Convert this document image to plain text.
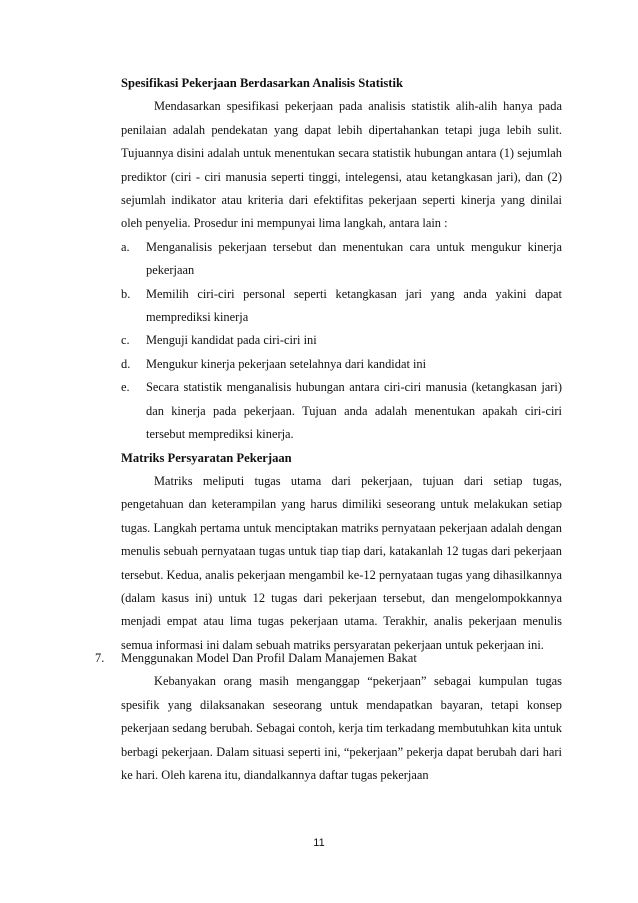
Spesifikasi Pekerjaan Berdasarkan Analisis Statistik

Mendasarkan spesifikasi pekerjaan pada analisis statistik alih-alih hanya pada penilaian adalah pendekatan yang dapat lebih dipertahankan tetapi juga lebih sulit. Tujuannya disini adalah untuk menentukan secara statistik hubungan antara (1) sejumlah prediktor (ciri - ciri manusia seperti tinggi, intelegensi, atau ketangkasan jari), dan (2) sejumlah indikator atau kriteria dari efektifitas pekerjaan seperti kinerja yang dinilai oleh penyelia. Prosedur ini mempunyai lima langkah, antara lain :

a. Menganalisis pekerjaan tersebut dan menentukan cara untuk mengukur kinerja pekerjaan
b. Memilih ciri-ciri personal seperti ketangkasan jari yang anda yakini dapat memprediksi kinerja
c. Menguji kandidat pada ciri-ciri ini
d. Mengukur kinerja pekerjaan setelahnya dari kandidat ini
e. Secara statistik menganalisis hubungan antara ciri-ciri manusia (ketangkasan jari) dan kinerja pada pekerjaan. Tujuan anda adalah menentukan apakah ciri-ciri tersebut memprediksi kinerja.
Matriks Persyaratan Pekerjaan

Matriks meliputi tugas utama dari pekerjaan, tujuan dari setiap tugas, pengetahuan dan keterampilan yang harus dimiliki seseorang untuk melakukan setiap tugas. Langkah pertama untuk menciptakan matriks pernyataan pekerjaan adalah dengan menulis sebuah pernyataan tugas untuk tiap tiap dari, katakanlah 12 tugas dari pekerjaan tersebut. Kedua, analis pekerjaan mengambil ke-12 pernyataan tugas yang dihasilkannya (dalam kasus ini) untuk 12 tugas dari pekerjaan tersebut, dan mengelompokkannya menjadi empat atau lima tugas pekerjaan utama. Terakhir, analis pekerjaan menulis semua informasi ini dalam sebuah matriks persyaratan pekerjaan untuk pekerjaan ini.

7. Menggunakan Model Dan Profil Dalam Manajemen Bakat

Kebanyakan orang masih menganggap “pekerjaan” sebagai kumpulan tugas spesifik yang dilaksanakan seseorang untuk mendapatkan bayaran, tetapi konsep pekerjaan sedang berubah. Sebagai contoh, kerja tim terkadang membutuhkan kita untuk berbagi pekerjaan. Dalam situasi seperti ini, “pekerjaan” pekerja dapat berubah dari hari ke hari. Oleh karena itu, diandalkannya daftar tugas pekerjaan

11
